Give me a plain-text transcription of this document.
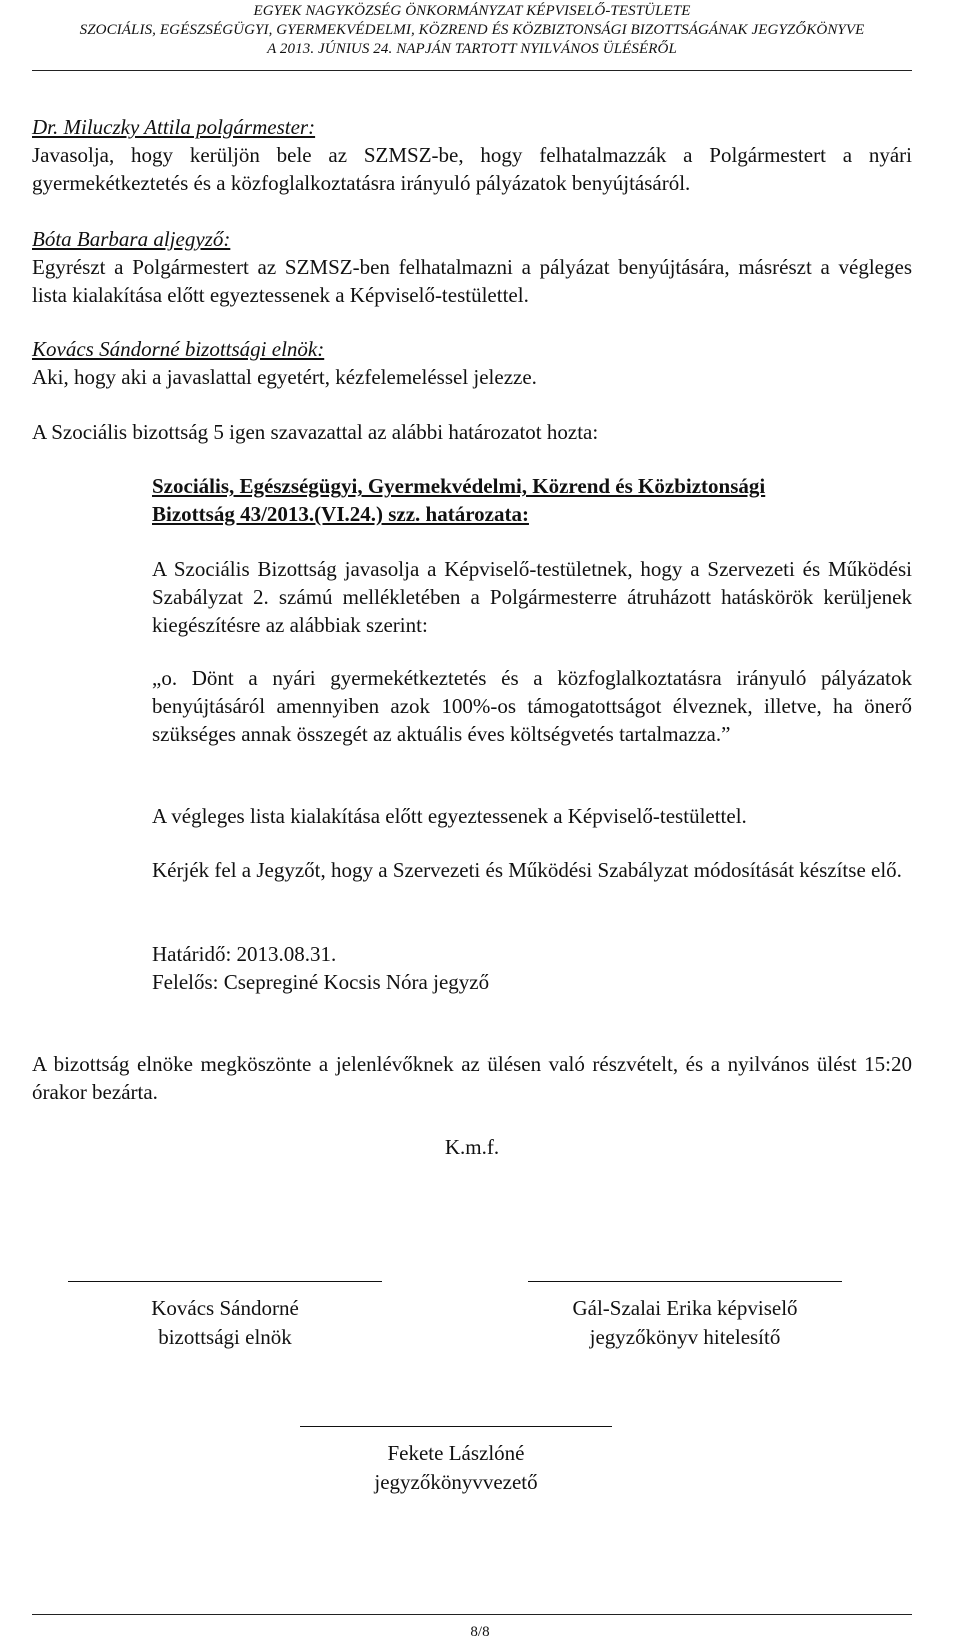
EGYEK NAGYKÖZSÉG ÖNKORMÁNYZAT KÉPVISELŐ-TESTÜLETE
SZOCIÁLIS, EGÉSZSÉGÜGYI, GYERMEKVÉDELMI, KÖZREND ÉS KÖZBIZTONSÁGI BIZOTTSÁGÁNAK JEGYZŐKÖNYVE
A 2013. JÚNIUS 24. NAPJÁN TARTOTT NYILVÁNOS ÜLÉSÉRŐL

Dr. Miluczky Attila polgármester:

Javasolja, hogy kerüljön bele az SZMSZ-be, hogy felhatalmazzák a Polgármestert a nyári gyermekétkeztetés és a közfoglalkoztatásra irányuló pályázatok benyújtásáról.

Bóta Barbara aljegyző:

Egyrészt a Polgármestert az SZMSZ-ben felhatalmazni a pályázat benyújtására, másrészt a végleges lista kialakítása előtt egyeztessenek a Képviselő-testülettel.

Kovács Sándorné bizottsági elnök:

Aki, hogy aki a javaslattal egyetért, kézfelemeléssel jelezze.

A Szociális bizottság 5 igen szavazattal az alábbi határozatot hozta:

Szociális, Egészségügyi, Gyermekvédelmi, Közrend és Közbiztonsági

Bizottság 43/2013.(VI.24.) szz. határozata:

A Szociális Bizottság javasolja a Képviselő-testületnek, hogy a Szervezeti és Működési Szabályzat 2. számú mellékletében a Polgármesterre átruházott hatáskörök kerüljenek kiegészítésre az alábbiak szerint:

„o. Dönt a nyári gyermekétkeztetés és a közfoglalkoztatásra irányuló pályázatok benyújtásáról amennyiben azok 100%-os támogatottságot élveznek, illetve, ha önerő szükséges annak összegét az aktuális éves költségvetés tartalmazza.”

A végleges lista kialakítása előtt egyeztessenek a Képviselő-testülettel.

Kérjék fel a Jegyzőt, hogy a Szervezeti és Működési Szabályzat módosítását készítse elő.

Határidő: 2013.08.31.

Felelős: Csepreginé Kocsis Nóra jegyző

A bizottság elnöke megköszönte a jelenlévőknek az ülésen való részvételt, és a nyilvános ülést 15:20 órakor bezárta.

K.m.f.

Kovács Sándorné
bizottsági elnök
Gál-Szalai Erika képviselő
jegyzőkönyv hitelesítő
Fekete Lászlóné
jegyzőkönyvvezető
8/8
